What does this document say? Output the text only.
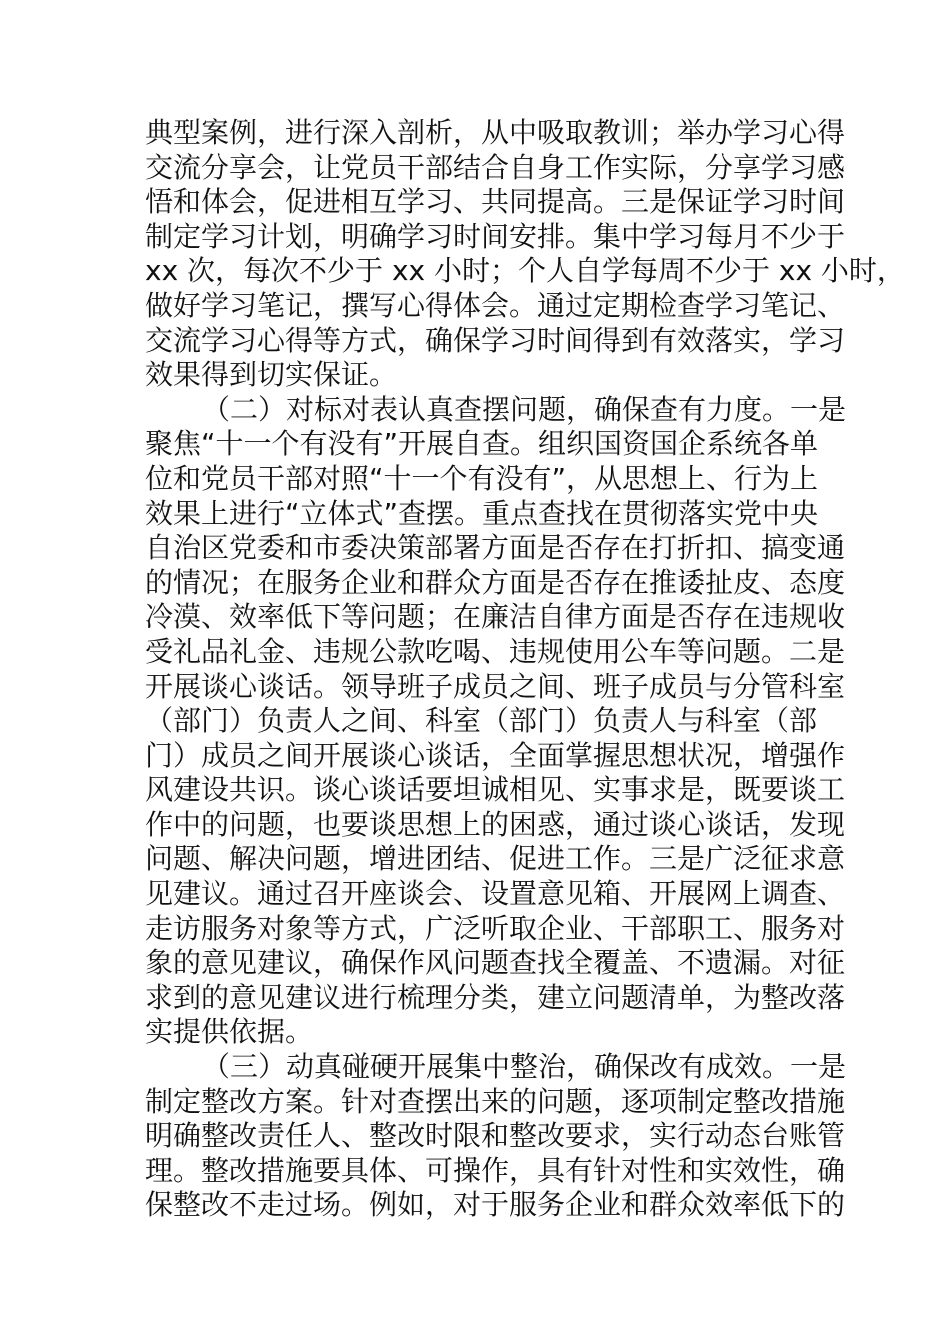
典型案例，进行深入剖析，从中吸取教训；举办学习心得
交流分享会，让党员干部结合自身工作实际，分享学习感
悟和体会，促进相互学习、共同提高。三是保证学习时间
制定学习计划，明确学习时间安排。集中学习每月不少于
xx 次，每次不少于 xx 小时；个人自学每周不少于 xx 小时，
做好学习笔记，撰写心得体会。通过定期检查学习笔记、
交流学习心得等方式，确保学习时间得到有效落实，学习
效果得到切实保证。
（二）对标对表认真查摆问题，确保查有力度。一是
聚焦“十一个有没有”开展自查。组织国资国企系统各单
位和党员干部对照“十一个有没有”，从思想上、行为上
效果上进行“立体式”查摆。重点查找在贯彻落实党中央
自治区党委和市委决策部署方面是否存在打折扣、搞变通
的情况；在服务企业和群众方面是否存在推诿扯皮、态度
冷漠、效率低下等问题；在廉洁自律方面是否存在违规收
受礼品礼金、违规公款吃喝、违规使用公车等问题。二是
开展谈心谈话。领导班子成员之间、班子成员与分管科室
（部门）负责人之间、科室（部门）负责人与科室（部
门）成员之间开展谈心谈话，全面掌握思想状况，增强作
风建设共识。谈心谈话要坦诚相见、实事求是，既要谈工
作中的问题，也要谈思想上的困惑，通过谈心谈话，发现
问题、解决问题，增进团结、促进工作。三是广泛征求意
见建议。通过召开座谈会、设置意见箱、开展网上调查、
走访服务对象等方式，广泛听取企业、干部职工、服务对
象的意见建议，确保作风问题查找全覆盖、不遗漏。对征
求到的意见建议进行梳理分类，建立问题清单，为整改落
实提供依据。
（三）动真碰硬开展集中整治，确保改有成效。一是
制定整改方案。针对查摆出来的问题，逐项制定整改措施
明确整改责任人、整改时限和整改要求，实行动态台账管
理。整改措施要具体、可操作，具有针对性和实效性，确
保整改不走过场。例如，对于服务企业和群众效率低下的
